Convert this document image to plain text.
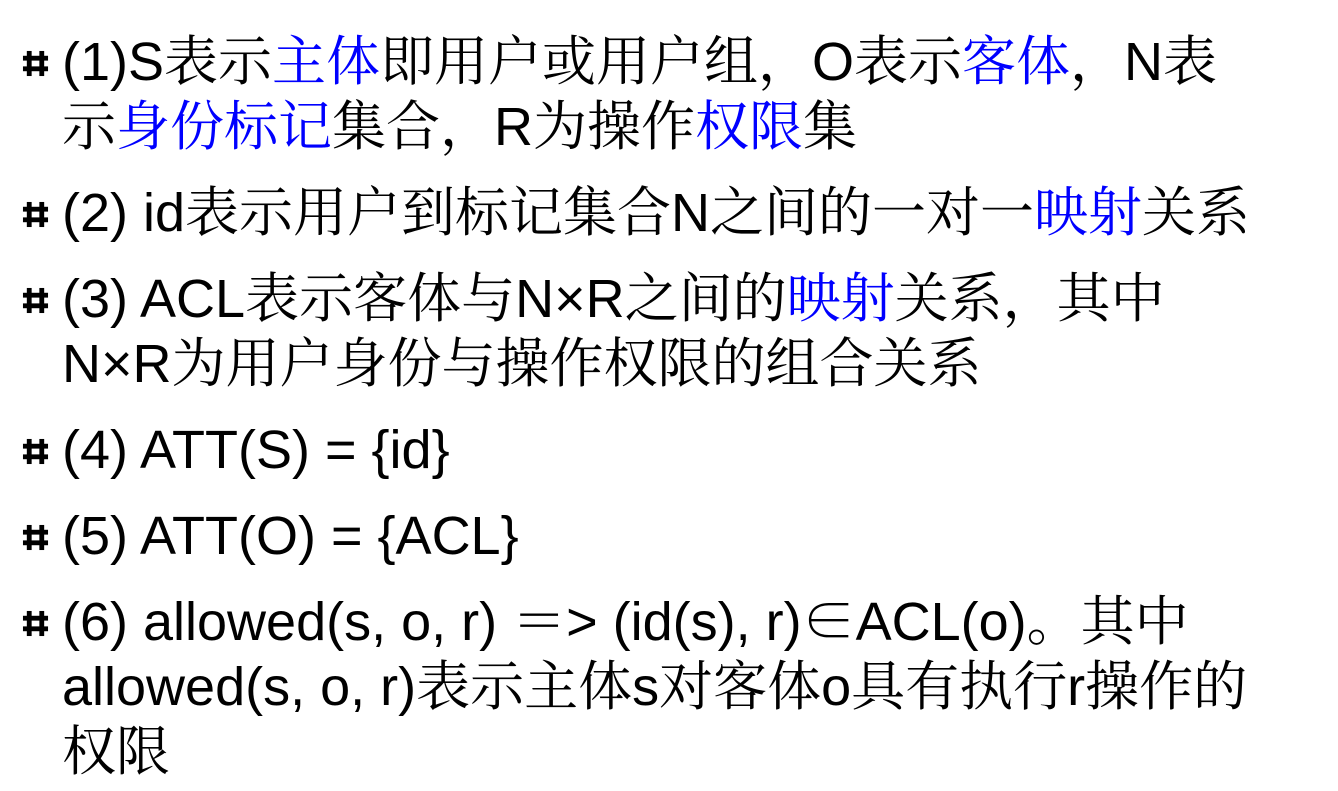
(1)S表示主体即用户或用户组，O表示客体，N表
示身份标记集合，R为操作权限集
(2) id表示用户到标记集合N之间的一对一映射关系
(3) ACL表示客体与N×R之间的映射关系，其中
N×R为用户身份与操作权限的组合关系
(4) ATT(S) = {id}
(5) ATT(O) = {ACL}
(6) allowed(s, o, r) ＝> (id(s), r)∈ACL(o)。其中
allowed(s, o, r)表示主体s对客体o具有执行r操作的
权限
